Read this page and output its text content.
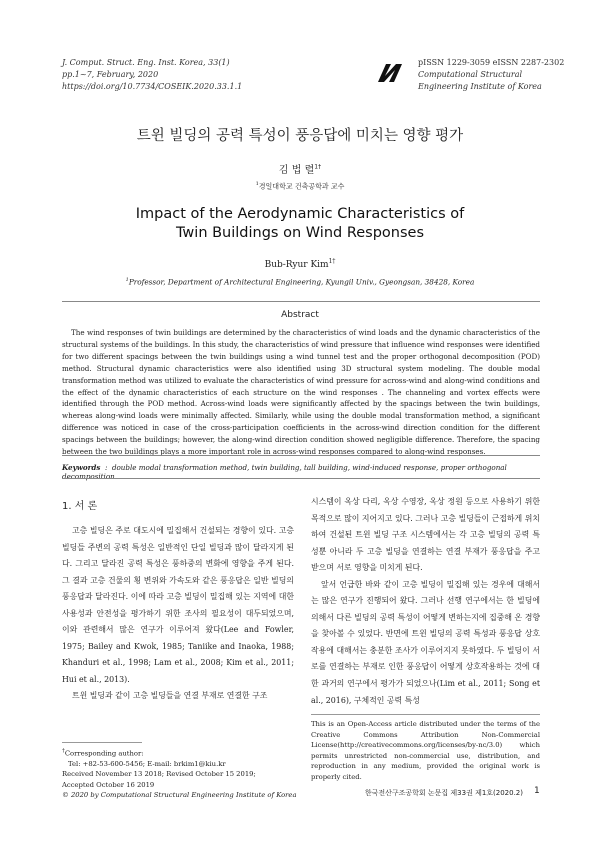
J. Comput. Struct. Eng. Inst. Korea, 33(1)
pp.1~7, February, 2020
https://doi.org/10.7734/COSEIK.2020.33.1.1
pISSN 1229-3059 eISSN 2287-2302
Computational Structural
Engineering Institute of Korea
트윈 빌딩의 공력 특성이 풍응답에 미치는 영향 평가
김 법 렬$^{1\dagger}$
$^1$경일대학교 건축공학과 교수
Impact of the Aerodynamic Characteristics of
Twin Buildings on Wind Responses
Bub-Ryur Kim$^{1\dagger}$
$^1$Professor, Department of Architectural Engineering, Kyungil Univ., Gyeongsan, 38428, Korea
Abstract
The wind responses of twin buildings are determined by the characteristics of wind loads and the dynamic characteristics of the structural systems of the buildings. In this study, the characteristics of wind pressure that influence wind responses were identified for two different spacings between the twin buildings using a wind tunnel test and the proper orthogonal decomposition (POD) method. Structural dynamic characteristics were also identified using 3D structural system modeling. The double modal transformation method was utilized to evaluate the characteristics of wind pressure for across-wind and along-wind conditions and the effect of the dynamic characteristics of each structure on the wind responses . The channeling and vortex effects were identified through the POD method. Across-wind loads were significantly affected by the spacings between the twin buildings, whereas along-wind loads were minimally affected. Similarly, while using the double modal transformation method, a significant difference was noticed in case of the cross-participation coefficients in the across-wind direction condition for the different spacings between the buildings; however, the along-wind direction condition showed negligible difference. Therefore, the spacing between the two buildings plays a more important role in across-wind responses compared to along-wind responses.
Keywords  :  double modal transformation method, twin building, tall building, wind-induced response, proper orthogonal decomposition
1. 서 론

고층 빌딩은 주로 대도시에 밀집해서 건설되는 경향이 있다. 고층 빌딩들 주변의 공력 특성은 일반적인 단일 빌딩과 많이 달라지게 된다. 그리고 달라진 공력 특성은 풍하중의 변화에 영향을 주게 된다. 그 결과 고층 건물의 횡 변위와 가속도와 같은 풍응답은 일반 빌딩의 풍응답과 달라진다. 이에 따라 고층 빌딩이 밀집해 있는 지역에 대한 사용성과 안전성을 평가하기 위한 조사의 필요성이 대두되었으며, 이와 관련해서 많은 연구가 이루어져 왔다(Lee and Fowler, 1975; Bailey and Kwok, 1985; Taniike and Inaoka, 1988; Khanduri et al., 1998; Lam et al., 2008; Kim et al., 2011; Hui et al., 2013).

트윈 빌딩과 같이 고층 빌딩들을 연결 부재로 연결한 구조

시스템이 옥상 다리, 옥상 수영장, 옥상 정원 등으로 사용하기 위한 목적으로 많이 지어지고 있다. 그러나 고층 빌딩들이 근접하게 위치하여 건설된 트윈 빌딩 구조 시스템에서는 각 고층 빌딩의 공력 특성뿐 아니라 두 고층 빌딩을 연결하는 연결 부재가 풍응답을 주고 받으며 서로 영향을 미치게 된다.

앞서 언급한 바와 같이 고층 빌딩이 밀집해 있는 경우에 대해서는 많은 연구가 진행되어 왔다. 그러나 선행 연구에서는 한 빌딩에 의해서 다른 빌딩의 공력 특성이 어떻게 변하는지에 집중해 온 경향을 찾아볼 수 있었다. 반면에 트윈 빌딩의 공력 특성과 풍응답 상호작용에 대해서는 충분한 조사가 이루어지지 못하였다. 두 빌딩이 서로를 연결하는 부재로 인한 풍응답이 어떻게 상호작용하는 것에 대한 과거의 연구에서 평가가 되었으나(Lim et al., 2011; Song et al., 2016), 구체적인 공력 특성

†Corresponding author:
Tel: +82-53-600-5456; E-mail: brkim1@kiu.kr
Received November 13 2018; Revised October 15 2019;
Accepted October 16 2019
© 2020 by Computational Structural Engineering Institute of Korea
This is an Open-Access article distributed under the terms of the Creative Commons Attribution Non-Commercial License(http://creativecommons.org/licenses/by-nc/3.0) which permits unrestricted non-commercial use, distribution, and reproduction in any medium, provided the original work is properly cited.
한국전산구조공학회 논문집 제33권 제1호(2020.2) 1
